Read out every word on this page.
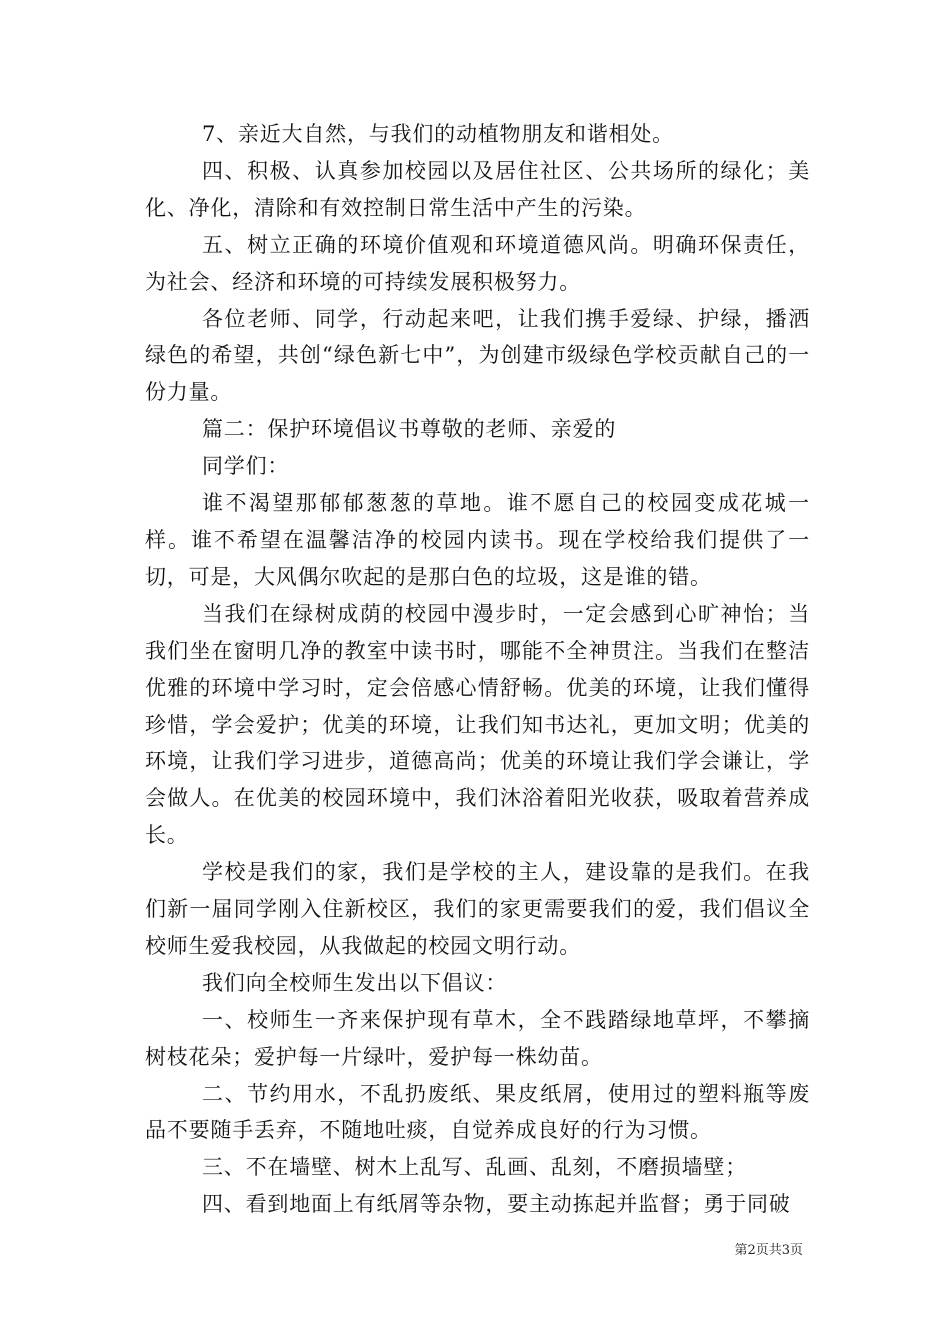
7、亲近大自然，与我们的动植物朋友和谐相处。

四、积极、认真参加校园以及居住社区、公共场所的绿化；美化、净化，清除和有效控制日常生活中产生的污染。

五、树立正确的环境价值观和环境道德风尚。明确环保责任，为社会、经济和环境的可持续发展积极努力。

各位老师、同学，行动起来吧，让我们携手爱绿、护绿，播洒绿色的希望，共创“绿色新七中”，为创建市级绿色学校贡献自己的一份力量。

篇二：保护环境倡议书尊敬的老师、亲爱的

同学们：

谁不渴望那郁郁葱葱的草地。谁不愿自己的校园变成花城一样。谁不希望在温馨洁净的校园内读书。现在学校给我们提供了一切，可是，大风偶尔吹起的是那白色的垃圾，这是谁的错。

当我们在绿树成荫的校园中漫步时，一定会感到心旷神怡；当我们坐在窗明几净的教室中读书时，哪能不全神贯注。当我们在整洁优雅的环境中学习时，定会倍感心情舒畅。优美的环境，让我们懂得珍惜，学会爱护；优美的环境，让我们知书达礼，更加文明；优美的环境，让我们学习进步，道德高尚；优美的环境让我们学会谦让，学会做人。在优美的校园环境中，我们沐浴着阳光收获，吸取着营养成长。

学校是我们的家，我们是学校的主人，建设靠的是我们。在我们新一届同学刚入住新校区，我们的家更需要我们的爱，我们倡议全校师生爱我校园，从我做起的校园文明行动。

我们向全校师生发出以下倡议：

一、校师生一齐来保护现有草木，全不践踏绿地草坪，不攀摘树枝花朵；爱护每一片绿叶，爱护每一株幼苗。

二、节约用水，不乱扔废纸、果皮纸屑，使用过的塑料瓶等废品不要随手丢弃，不随地吐痰，自觉养成良好的行为习惯。

三、不在墙壁、树木上乱写、乱画、乱刻，不磨损墙壁；

四、看到地面上有纸屑等杂物，要主动拣起并监督；勇于同破

第2页共3页
